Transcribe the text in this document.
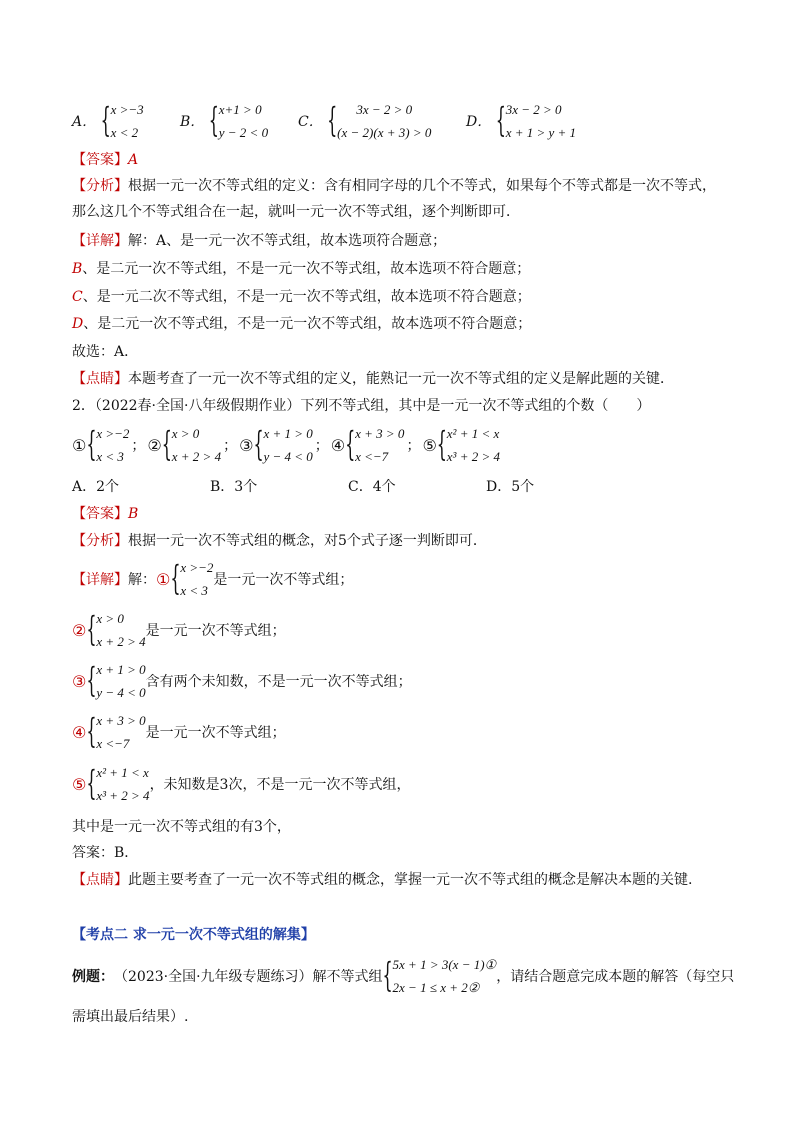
A． { x >−3
x < 2
B． { x+1 > 0
y − 2 < 0
C． { 3x − 2 > 0
(x − 2)(x + 3) > 0
D． { 3x − 2 > 0
x + 1 > y + 1
【答案】A
【分析】根据一元一次不等式组的定义：含有相同字母的几个不等式，如果每个不等式都是一次不等式，
那么这几个不等式组合在一起，就叫一元一次不等式组，逐个判断即可．
【详解】解：A、是一元一次不等式组，故本选项符合题意；
B、是二元一次不等式组，不是一元一次不等式组，故本选项不符合题意；
C、是一元二次不等式组，不是一元一次不等式组，故本选项不符合题意；
D、是二元一次不等式组，不是一元一次不等式组，故本选项不符合题意；
故选：A．
【点睛】本题考查了一元一次不等式组的定义，能熟记一元一次不等式组的定义是解此题的关键．
2．（2022春·全国·八年级假期作业）下列不等式组，其中是一元一次不等式组的个数（　　）
① { x >−2
x < 3
； ② { x > 0
x + 2 > 4
； ③ { x + 1 > 0
y − 4 < 0
； ④ { x + 3 > 0
x <−7
； ⑤ { x² + 1 < x
x³ + 2 > 4
A．2个	B．3个	C．4个	D．5个
【答案】B
【分析】根据一元一次不等式组的概念，对5个式子逐一判断即可．
【详解】 解： ① { x >−2
x < 3
是一元一次不等式组；
② { x > 0
x + 2 > 4
是一元一次不等式组；
③ { x + 1 > 0
y − 4 < 0
含有两个未知数，不是一元一次不等式组；
④ { x + 3 > 0
x <−7
是一元一次不等式组；
⑤ { x² + 1 < x
x³ + 2 > 4
，未知数是3次，不是一元一次不等式组，
其中是一元一次不等式组的有3个，
答案：B．
【点睛】此题主要考查了一元一次不等式组的概念，掌握一元一次不等式组的概念是解决本题的关键.
【考点二 求一元一次不等式组的解集】
例题： （2023·全国·九年级专题练习）解不等式组 { 5x + 1 > 3(x − 1)①
2x − 1 ≤ x + 2②
，请结合题意完成本题的解答（每空只
需填出最后结果）.
